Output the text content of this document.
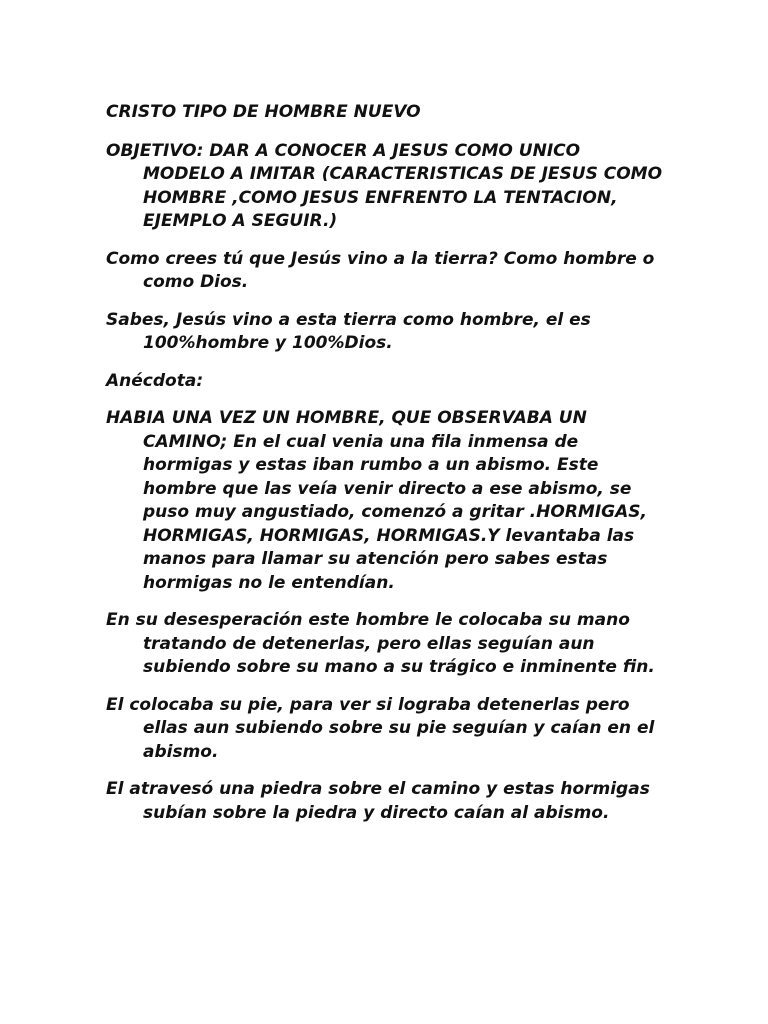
CRISTO TIPO DE HOMBRE NUEVO

OBJETIVO: DAR A CONOCER A JESUS COMO UNICO MODELO A IMITAR (CARACTERISTICAS DE JESUS COMO HOMBRE ,COMO JESUS ENFRENTO LA TENTACION, EJEMPLO A SEGUIR.)

Como crees tú que Jesús vino a la tierra? Como hombre o como Dios.

Sabes, Jesús vino a esta tierra como hombre, el es 100%hombre y 100%Dios.

Anécdota:

HABIA UNA VEZ UN HOMBRE, QUE OBSERVABA UN CAMINO; En el cual venia una fila inmensa de hormigas y estas iban rumbo a un abismo. Este hombre que las veía venir directo a ese abismo, se puso muy angustiado, comenzó a gritar .HORMIGAS, HORMIGAS, HORMIGAS, HORMIGAS.Y levantaba las manos para llamar su atención pero sabes estas hormigas no le entendían.

En su desesperación este hombre le colocaba su mano tratando de detenerlas, pero ellas seguían aun subiendo sobre su mano a su trágico e inminente fin.

El colocaba su pie, para ver si lograba detenerlas pero ellas aun subiendo sobre su pie seguían y caían en el abismo.

El atravesó una piedra sobre el camino y estas hormigas subían sobre la piedra y directo caían al abismo.
